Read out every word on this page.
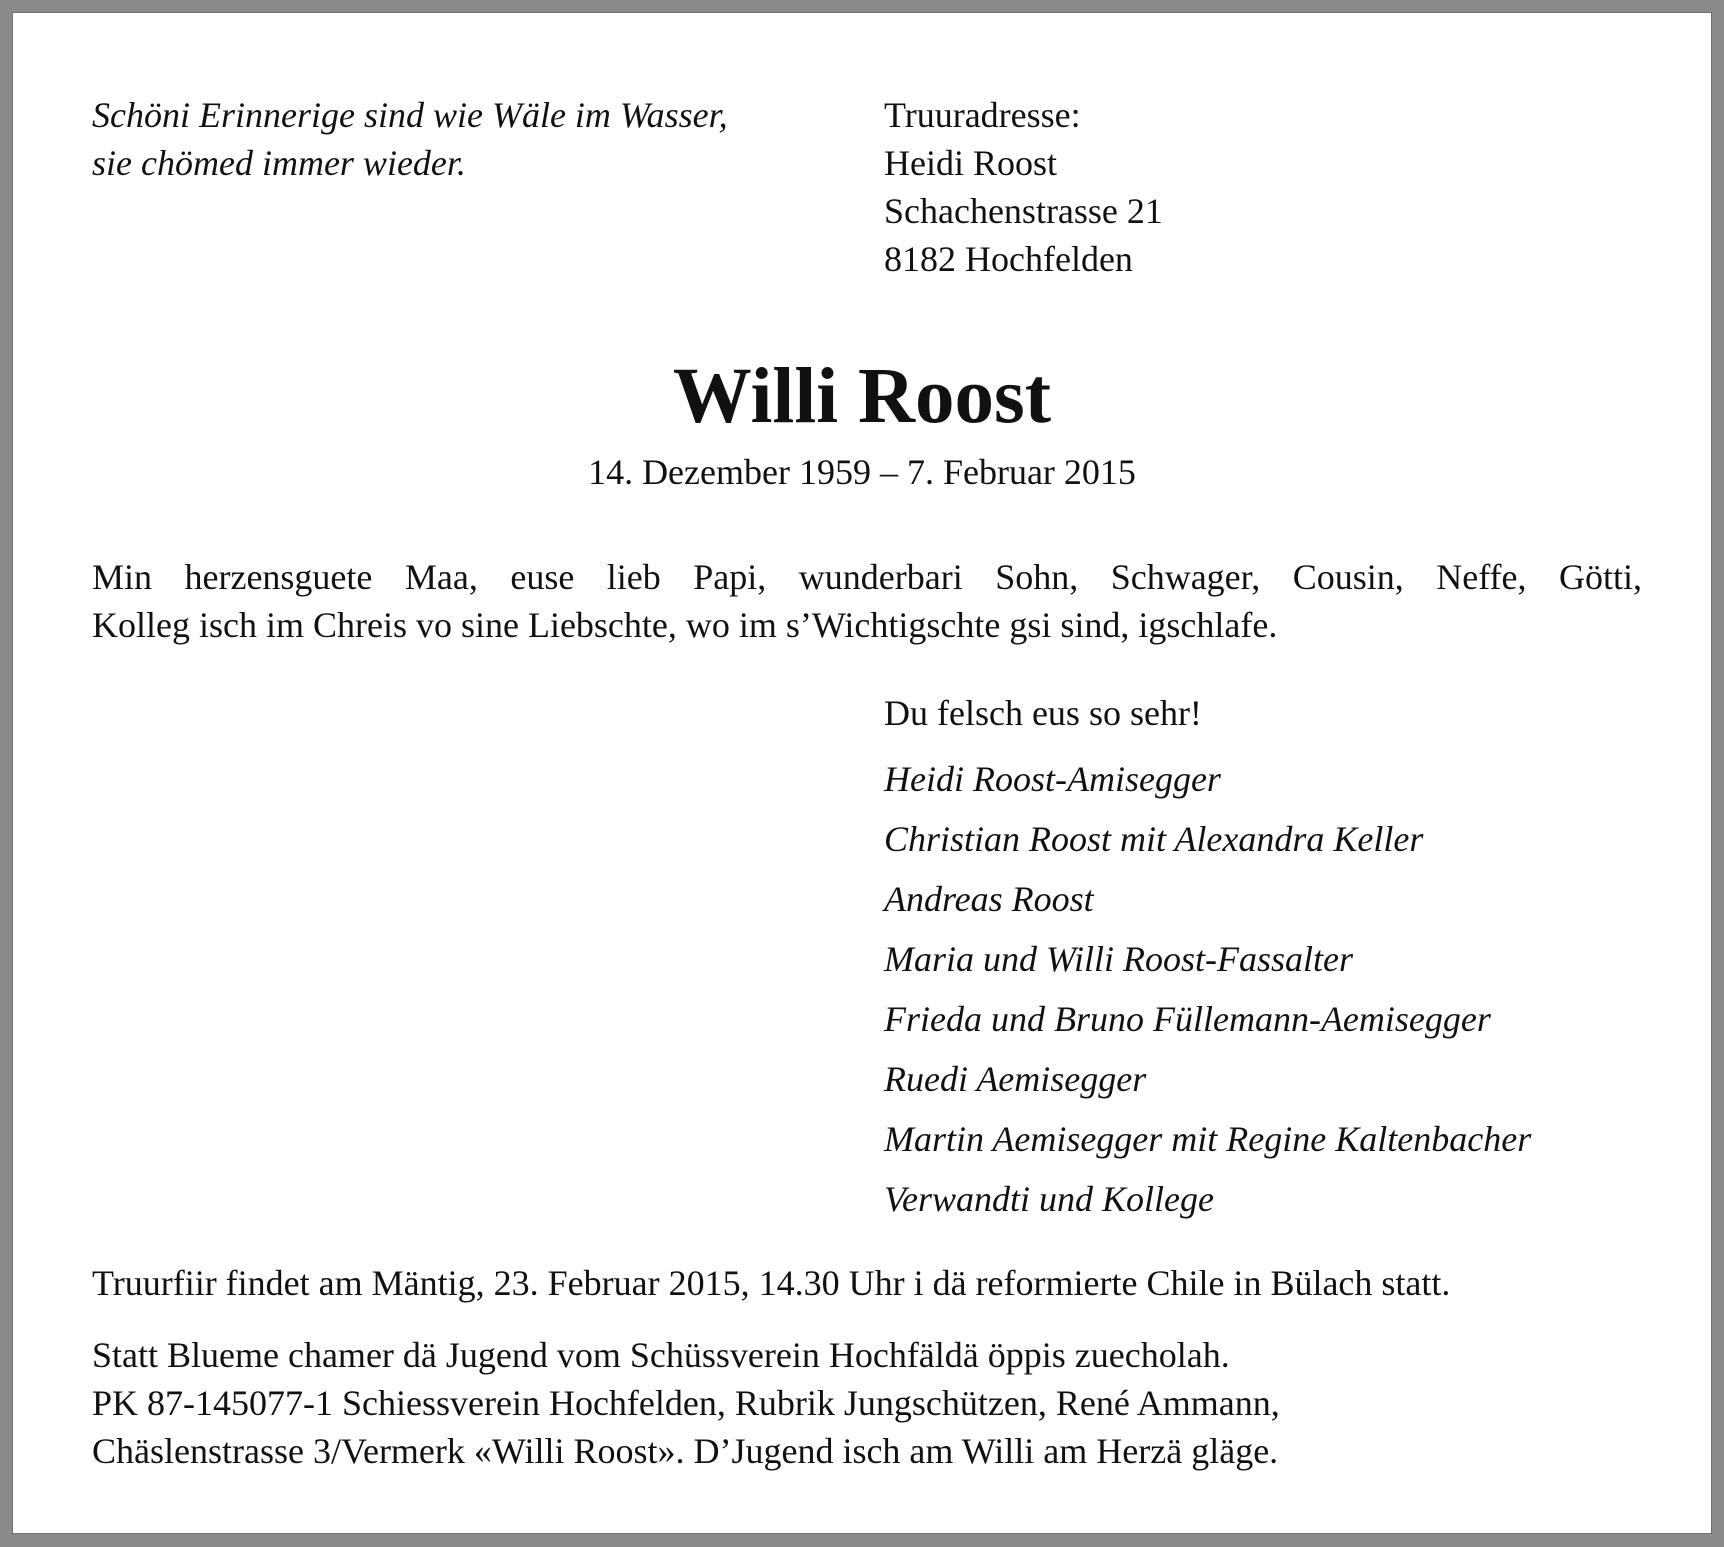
Schöni Erinnerige sind wie Wäle im Wasser,
sie chömed immer wieder.
Truuradresse:
Heidi Roost
Schachenstrasse 21
8182 Hochfelden
Willi Roost
14. Dezember 1959 – 7. Februar 2015
Min herzensguete Maa, euse lieb Papi, wunderbari Sohn, Schwager, Cousin, Neffe, Götti,
Kolleg isch im Chreis vo sine Liebschte, wo im s’Wichtigschte gsi sind, igschlafe.
Du felsch eus so sehr!
Heidi Roost-Amisegger
Christian Roost mit Alexandra Keller
Andreas Roost
Maria und Willi Roost-Fassalter
Frieda und Bruno Füllemann-Aemisegger
Ruedi Aemisegger
Martin Aemisegger mit Regine Kaltenbacher
Verwandti und Kollege
Truurfiir findet am Mäntig, 23. Februar 2015, 14.30 Uhr i dä reformierte Chile in Bülach statt.
Statt Blueme chamer dä Jugend vom Schüssverein Hochfäldä öppis zuecholah.
PK 87-145077-1 Schiessverein Hochfelden, Rubrik Jungschützen, René Ammann,
Chäslenstrasse 3/Vermerk «Willi Roost». D’Jugend isch am Willi am Herzä gläge.
